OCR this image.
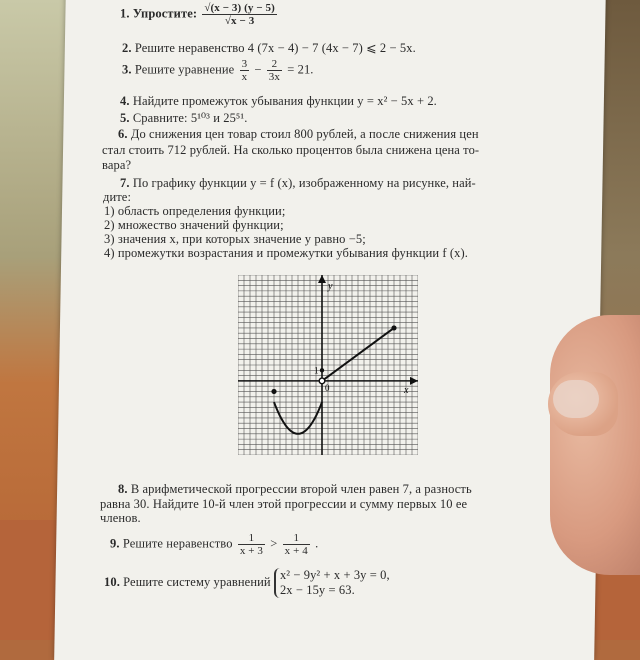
1. Упростите: $\frac{√(x - 3) (y - 5)}{√x - 3}$
2. Решите неравенство 4 (7x − 4) − 7 (4x − 7) ⩽ 2 − 5x.
3. Решите уравнение $\frac{3}{x} - \frac{2}{3x} = 21$.
4. Найдите промежуток убывания функции y = x² − 5x + 2.
5. Сравните: 5¹⁰³ и 25⁵¹.
6. До снижения цен товар стоил 800 рублей, а после снижения цен
стал стоить 712 рублей. На сколько процентов была снижена цена то-
вара?
7. По графику функции y = f (x), изображенному на рисунке, най-
дите:
1) область определения функции;
2) множество значений функции;
3) значения x, при которых значение y равно −5;
4) промежутки возрастания и промежутки убывания функции f (x).
y
x
0
1
8. В арифметической прогрессии второй член равен 7, а разность
равна 30. Найдите 10-й член этой прогрессии и сумму первых 10 ее
членов.
9. Решите неравенство $\frac{1}{x + 3} > \frac{1}{x + 4}$ .
10. Решите систему уравнений x² − 9y² + x + 3y = 0,
2x − 15y = 63.
